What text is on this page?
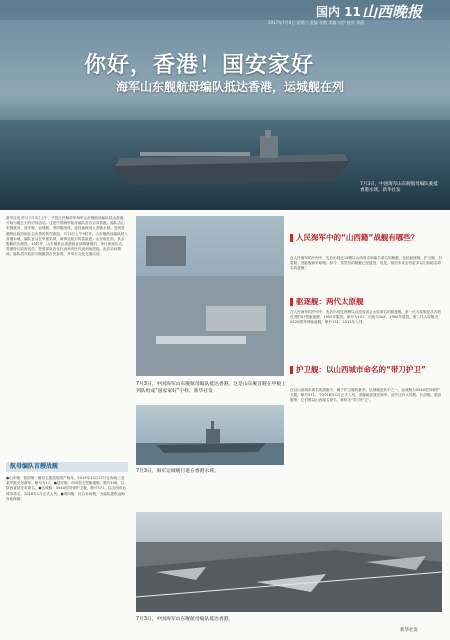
国内 11 山西晚报
2017年7月8日 星期六 责编 张敬 美编 刘宇 校对 李丽
你好，香港！国安家好
海军山东舰航母编队抵达香港，运城舰在列
7月3日，中国海军山东舰航母编队驶抵香港水域。新华社发
新华社电 昨日7月3日上午，中国人民解放军海军山东舰航母编队抵达香港，开始为期五天的访问活动。这是中国海军航母编队首次访问香港。编队由山东舰航母、延安舰、运城舰、粤四舰组成，途经南海进入香港水域，受到香港特区政府和社会各界的热烈欢迎。7月3日上午9时许，山东舰航母编队驶入香港水域，编队官兵在甲板站坡，海事处船只鸣笛致意。山东舰在前，其余舰艇依次跟进。10时许，山东舰抵达香港西北部海域锚泊，举行欢迎仪式。香港特区政府官员、驻港部队官兵代表和市民代表到场迎接。此次访问期间，编队将开放部分舰艇供市民参观，并举行文化交流活动。
航母编队首艘战舰
●山东舰：我国第一艘自主建造的国产航母，2019年12月17日在海南三亚某军港交付海军。舷号为17。●延安舰：055型大型驱逐舰，舷号106，以陕西省延安市命名。●运城舰：054A型导弹护卫舰，舷号571，以山西省运城市命名，2018年1月正式入列。●粤四舰：综合补给舰，为编队提供远海补给保障。
7月3日，中国海军山东舰航母编队抵达香港。这是山东舰首舰在甲板上列队组成“国家家好”字样。新华社发
7月3日，海军运城舰行进在香港水域。
人民海军中的“山西籍”战舰有哪些？
在人民海军的序列中，先后出现过14艘以山西省市和地名命名的舰艇，包括驱逐舰、护卫舰、扫雷舰、登陆舰和补给舰。如今，虽然有的舰艇已经退役，但是，相信未来会有更多以山西地名命名的战舰！
驱逐舰：两代太原舰
在人民海军的序列中，先后出现过两艘以山西省省会太原命名的驱逐舰。第一代太原舰是从苏联引进的07型驱逐舰，1955年服役，舷号为102，后改为104，1990年退役。第二代太原舰为052D型导弹驱逐舰，舷号131，2015年入列。
护卫舰：以山西城市命名的“带刀护卫”
在以山西城市命名的战舰中，属于护卫舰的最多。运城舰是其中之一。运城舰为054A型导弹护卫舰，舷号571，于2018年1月正式入列，隶属南部战区海军。此外还有大同舰、长治舰、临汾舰等，它们都以山西地名命名，被称为“带刀护卫”。
7月3日，中国海军山东舰航母编队抵达香港。
新华社发
